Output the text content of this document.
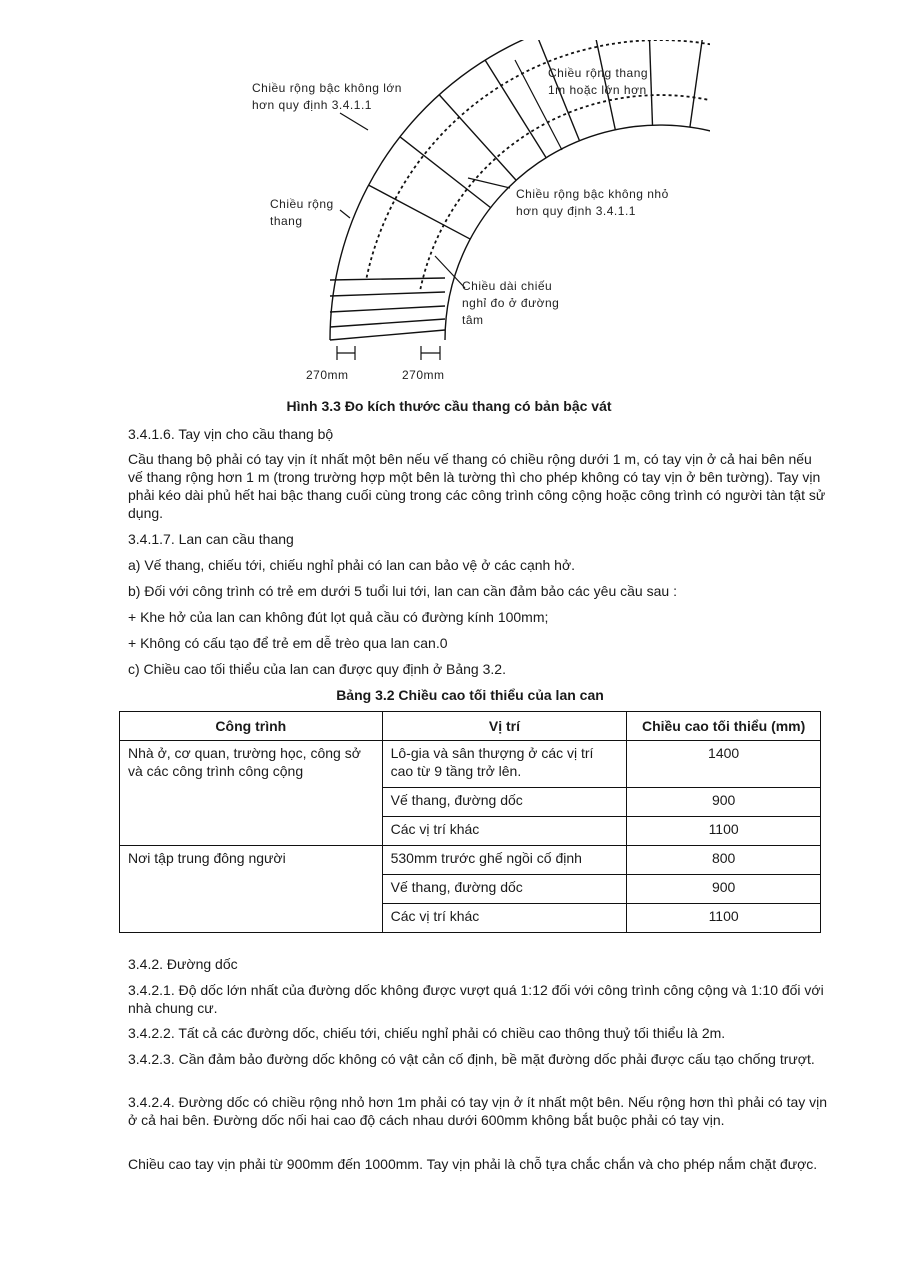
Chiều rộng bậc không lớn
hơn quy định 3.4.1.1
Chiều rộng thang
1m hoặc lớn hơn
Chiều rộng
thang
Chiều rộng bậc không nhỏ
hơn quy định 3.4.1.1
Chiều dài chiếu
nghỉ đo ở đường
tâm
270mm	270mm
Hình 3.3 Đo kích thước cầu thang có bản bậc vát

3.4.1.6. Tay vịn cho cầu thang bộ

Cầu thang bộ phải có tay vịn ít nhất một bên nếu vế thang có chiều rộng dưới 1 m, có tay vịn ở cả hai bên nếu vế thang rộng hơn 1 m (trong trường hợp một bên là tường thì cho phép không có tay vịn ở bên tường). Tay vịn phải kéo dài phủ hết hai bậc thang cuối cùng trong các công trình công cộng hoặc công trình có người tàn tật sử dụng.

3.4.1.7. Lan can cầu thang

a) Vế thang, chiếu tới, chiếu nghỉ phải có lan can bảo vệ ở các cạnh hở.

b) Đối với công trình có trẻ em dưới 5 tuổi lui tới, lan can cần đảm bảo các yêu cầu sau :

+ Khe hở của lan can không đút lọt quả cầu có đường kính 100mm;

+ Không có cấu tạo để trẻ em dễ trèo qua lan can.0

c) Chiều cao tối thiểu của lan can được quy định ở Bảng 3.2.

Bảng 3.2 Chiều cao tối thiểu của lan can
Công trình	Vị trí	Chiều cao tối thiểu (mm)
Nhà ở, cơ quan, trường học, công sở và các công trình công cộng	Lô-gia và sân thượng ở các vị trí cao từ 9 tầng trở lên.	1400
	Vế thang, đường dốc	900
	Các vị trí khác	1100
Nơi tập trung đông người	530mm trước ghế ngồi cố định	800
	Vế thang, đường dốc	900
	Các vị trí khác	1100

3.4.2. Đường dốc

3.4.2.1. Độ dốc lớn nhất của đường dốc không được vượt quá 1:12 đối với công trình công cộng và 1:10 đối với nhà chung cư.

3.4.2.2. Tất cả các đường dốc, chiếu tới, chiếu nghỉ phải có chiều cao thông thuỷ tối thiểu là 2m.

3.4.2.3. Cần đảm bảo đường dốc không có vật cản cố định, bề mặt đường dốc phải được cấu tạo chống trượt.

3.4.2.4. Đường dốc có chiều rộng nhỏ hơn 1m phải có tay vịn ở ít nhất một bên. Nếu rộng hơn thì phải có tay vịn ở cả hai bên. Đường dốc nối hai cao độ cách nhau dưới 600mm không bắt buộc phải có tay vịn.

Chiều cao tay vịn phải từ 900mm đến 1000mm. Tay vịn phải là chỗ tựa chắc chắn và cho phép nắm chặt được.
